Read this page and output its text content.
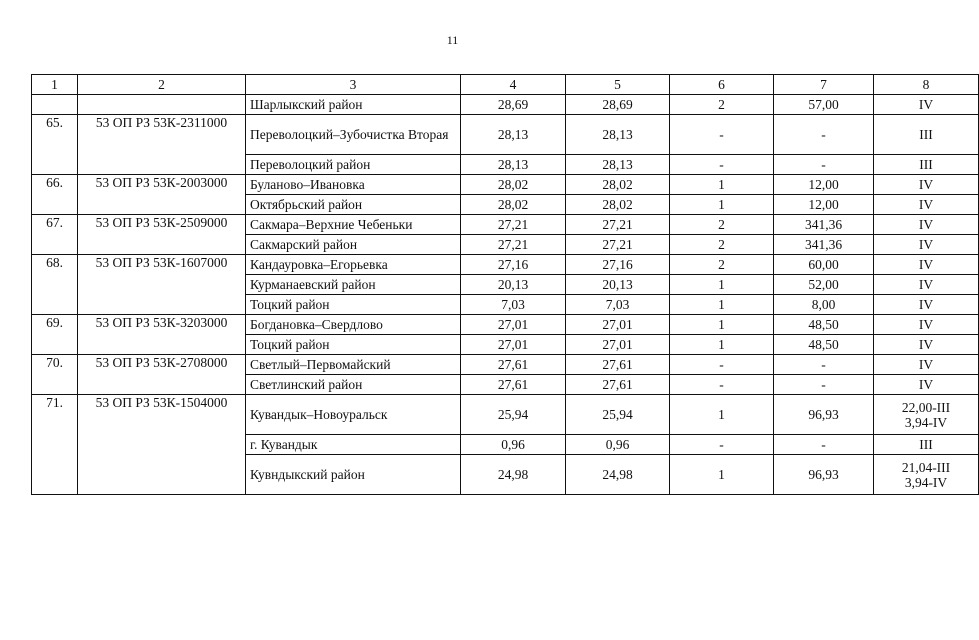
11
1	2	3	4	5	6	7	8
		Шарлыкский район	28,69	28,69	2	57,00	IV
65.	53 ОП РЗ 53К-2311000	Переволоцкий–Зубочистка Вторая	28,13	28,13	-	-	III
		Переволоцкий район	28,13	28,13	-	-	III
66.	53 ОП РЗ 53К-2003000	Буланово–Ивановка	28,02	28,02	1	12,00	IV
		Октябрьский район	28,02	28,02	1	12,00	IV
67.	53 ОП РЗ 53К-2509000	Сакмара–Верхние Чебеньки	27,21	27,21	2	341,36	IV
		Сакмарский район	27,21	27,21	2	341,36	IV
68.	53 ОП РЗ 53К-1607000	Кандауровка–Егорьевка	27,16	27,16	2	60,00	IV
		Курманаевский район	20,13	20,13	1	52,00	IV
		Тоцкий район	7,03	7,03	1	8,00	IV
69.	53 ОП РЗ 53К-3203000	Богдановка–Свердлово	27,01	27,01	1	48,50	IV
		Тоцкий район	27,01	27,01	1	48,50	IV
70.	53 ОП РЗ 53К-2708000	Светлый–Первомайский	27,61	27,61	-	-	IV
		Светлинский район	27,61	27,61	-	-	IV
71.	53 ОП РЗ 53К-1504000	Кувандык–Новоуральск	25,94	25,94	1	96,93	22,00-III
3,94-IV

		г. Кувандык	0,96	0,96	-	-	III
		Кувндыкский район	24,98	24,98	1	96,93	21,04-III
3,94-IV
